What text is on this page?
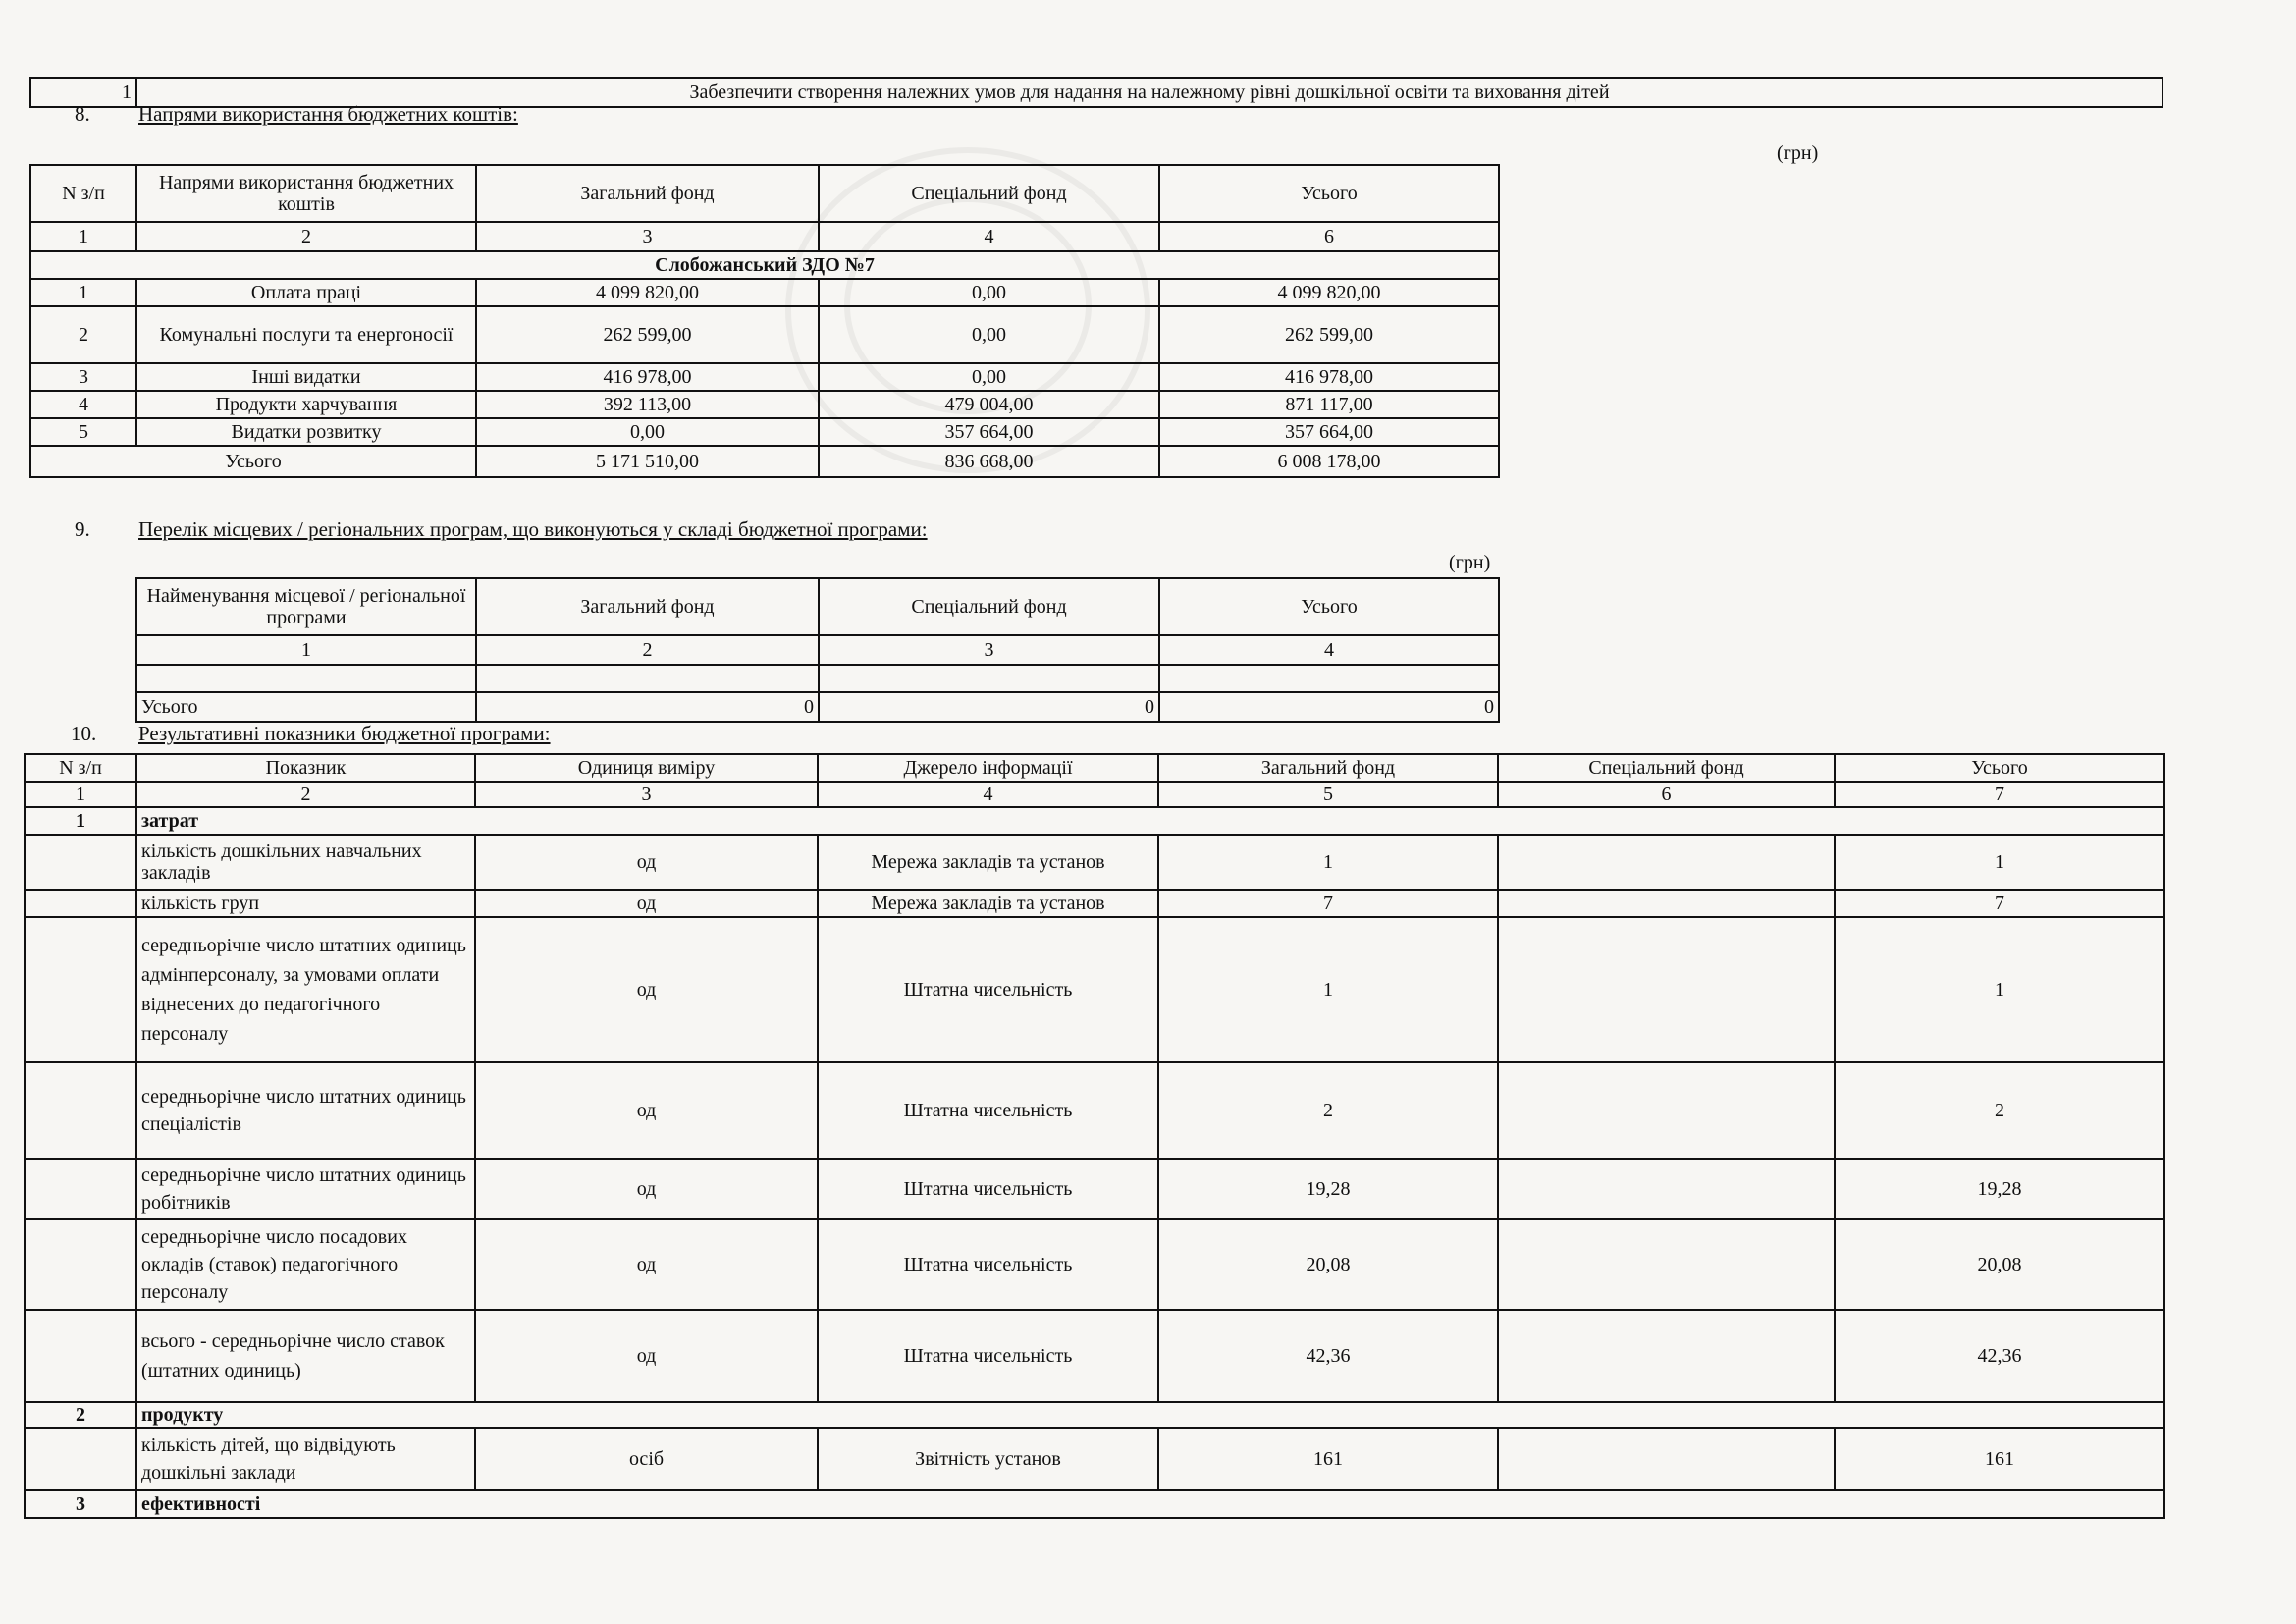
1	Забезпечити створення належних умов для надання на належному рівні дошкільної освіти та виховання дітей
8. Напрями використання бюджетних коштів:
(грн)
N з/п	Напрями використання бюджетних коштів	Загальний фонд	Спеціальний фонд	Усього
1	2	3	4	6
Слобожанський ЗДО №7				
1	Оплата праці	4 099 820,00	0,00	4 099 820,00
2	Комунальні послуги та енергоносії	262 599,00	0,00	262 599,00
3	Інші видатки	416 978,00	0,00	416 978,00
4	Продукти харчування	392 113,00	479 004,00	871 117,00
5	Видатки розвитку	0,00	357 664,00	357 664,00
Усього		5 171 510,00	836 668,00	6 008 178,00
9. Перелік місцевих / регіональних програм, що виконуються у складі бюджетної програми:
(грн)
Найменування місцевої / регіональної програми	Загальний фонд	Спеціальний фонд	Усього
1	2	3	4

Усього	0	0	0
10. Результативні показники бюджетної програми:
N з/п	Показник	Одиниця виміру	Джерело інформації	Загальний фонд	Спеціальний фонд	Усього
1	2	3	4	5	6	7
1	затрат					
	кількість дошкільних навчальних закладів	од	Мережа закладів та установ	1		1
	кількість груп	од	Мережа закладів та установ	7		7
	середньорічне число штатних одиниць адмінперсоналу, за умовами оплати віднесених до педагогічного персоналу	од	Штатна чисельність	1		1
	середньорічне число штатних одиниць спеціалістів	од	Штатна чисельність	2		2
	середньорічне число штатних одиниць робітників	од	Штатна чисельність	19,28		19,28
	середньорічне число посадових окладів (ставок) педагогічного персоналу	од	Штатна чисельність	20,08		20,08
	всього - середньорічне число ставок (штатних одиниць)	од	Штатна чисельність	42,36		42,36
2	продукту					
	кількість дітей, що відвідують дошкільні заклади	осіб	Звітність установ	161		161
3	ефективності					
